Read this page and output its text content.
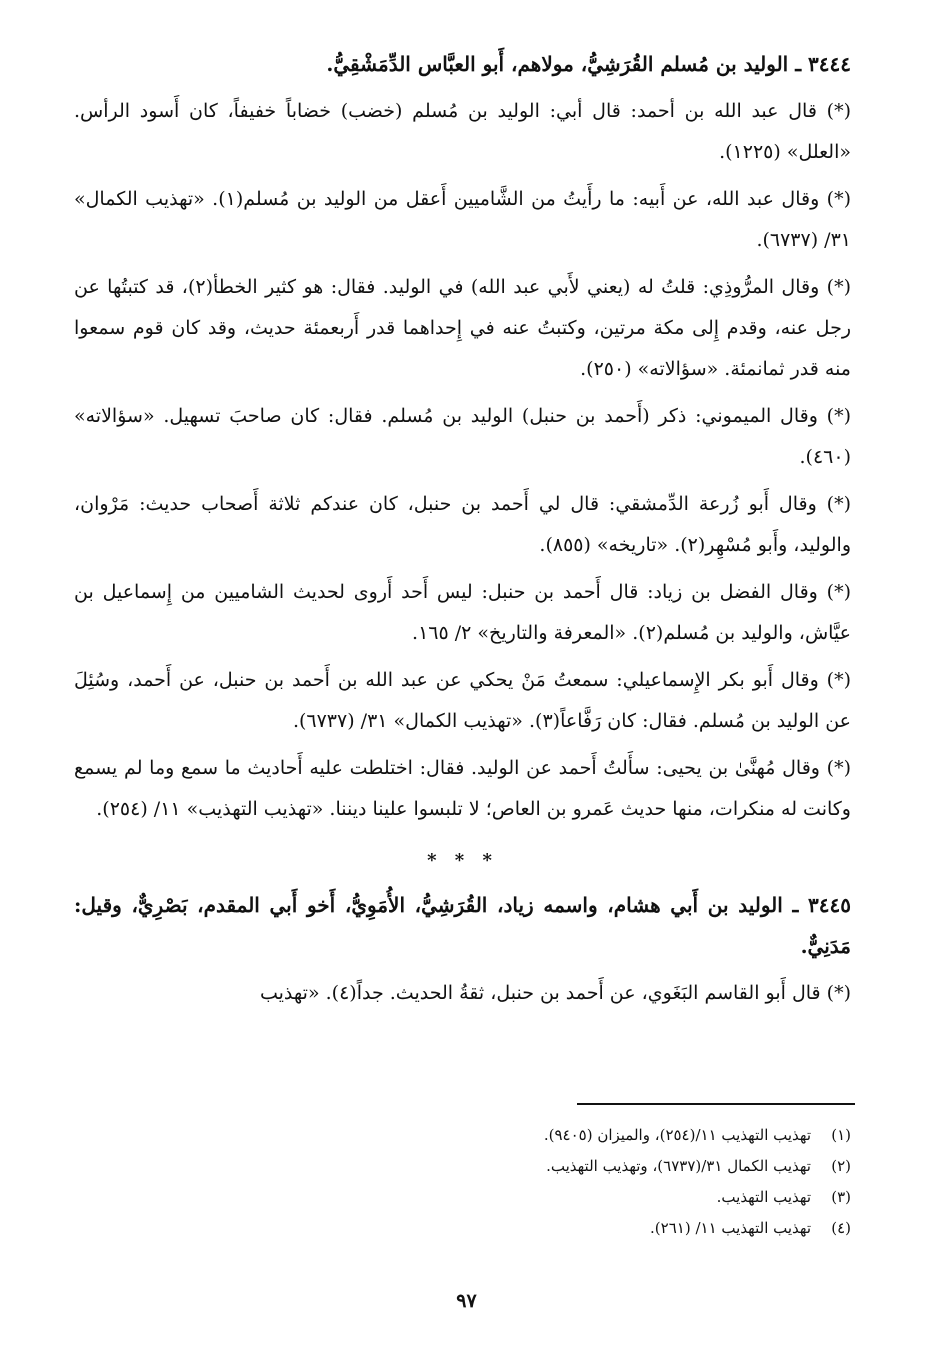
٣٤٤٤ ـ الوليد بن مُسلم القُرَشِيُّ، مولاهم، أَبو العبَّاس الدِّمَشْقِيُّ.
(*) قال عبد الله بن أحمد: قال أبي: الوليد بن مُسلم (خضب) خضاباً خفيفاً، كان أَسود الرأس. «العلل» (١٢٢٥).
(*) وقال عبد الله، عن أَبيه: ما رأَيتُ من الشَّاميين أَعقل من الوليد بن مُسلم(١). «تهذيب الكمال» ٣١/ (٦٧٣٧).
(*) وقال المرُّوذِي: قلتُ له (يعني لأَبي عبد الله) في الوليد. فقال: هو كثير الخطأ(٢)، قد كتبتُها عن رجل عنه، وقدم إِلى مكة مرتين، وكتبتُ عنه في إِحداهما قدر أَربعمئة حديث، وقد كان قوم سمعوا منه قدر ثمانمئة. «سؤالاته» (٢٥٠).
(*) وقال الميموني: ذكر (أَحمد بن حنبل) الوليد بن مُسلم. فقال: كان صاحبَ تسهيل. «سؤالاته» (٤٦٠).
(*) وقال أَبو زُرعة الدِّمشقي: قال لي أَحمد بن حنبل، كان عندكم ثلاثة أَصحاب حديث: مَرْوان، والوليد، وأَبو مُسْهِر(٢). «تاريخه» (٨٥٥).
(*) وقال الفضل بن زياد: قال أَحمد بن حنبل: ليس أَحد أَروى لحديث الشاميين من إِسماعيل بن عيَّاش، والوليد بن مُسلم(٢). «المعرفة والتاريخ» ٢/ ١٦٥.
(*) وقال أَبو بكر الإِسماعيلي: سمعتُ مَنْ يحكي عن عبد الله بن أَحمد بن حنبل، عن أَحمد، وسُئِلَ عن الوليد بن مُسلم. فقال: كان رَفَّاعاً(٣). «تهذيب الكمال» ٣١/ (٦٧٣٧).
(*) وقال مُهنَّىٰ بن يحيى: سأَلتُ أَحمد عن الوليد. فقال: اختلطت عليه أَحاديث ما سمع وما لم يسمع وكانت له منكرات، منها حديث عَمرو بن العاص؛ لا تلبسوا علينا ديننا. «تهذيب التهذيب» ١١/ (٢٥٤).
* * *
٣٤٤٥ ـ الوليد بن أَبي هشام، واسمه زياد، القُرَشِيُّ، الأُمَوِيُّ، أَخو أَبي المقدم، بَصْرِيٌّ، وقيل: مَدَنِيٌّ.
(*) قال أَبو القاسم البَغَوي، عن أَحمد بن حنبل، ثقةُ الحديث. جداً(٤). «تهذيب
(١)
تهذيب التهذيب ١١/(٢٥٤)، والميزان (٩٤٠٥).
(٢)
تهذيب الكمال ٣١/(٦٧٣٧)، وتهذيب التهذيب.
(٣)
تهذيب التهذيب.
(٤)
تهذيب التهذيب ١١/ (٢٦١).
٩٧
